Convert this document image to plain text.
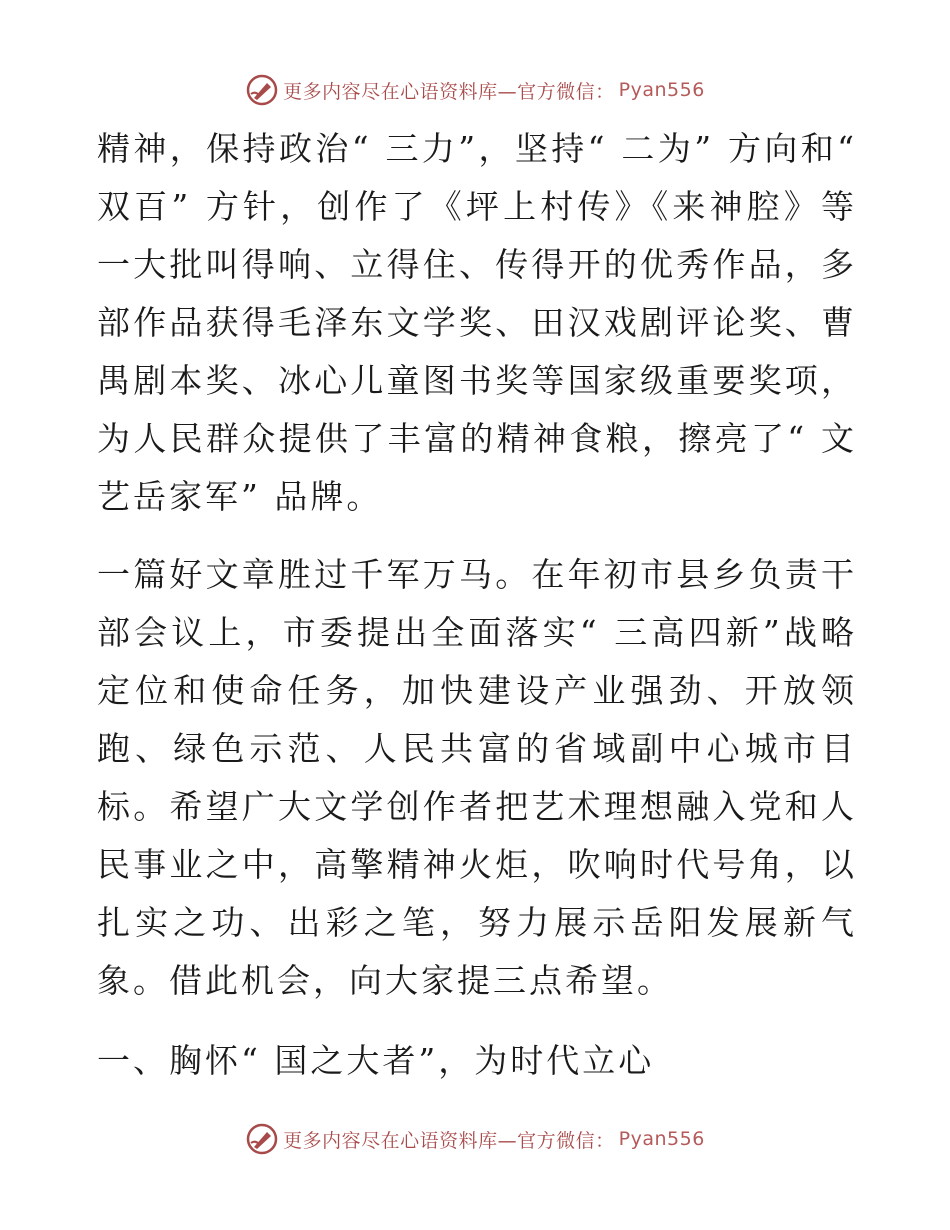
更多内容尽在心语资料库—官方微信： Pyan556

精神，保持政治“ 三力”，坚持“ 二为” 方向和“ 双百” 方针，创作了《坪上村传》《来神腔》等一大批叫得响、立得住、传得开的优秀作品，多部作品获得毛泽东文学奖、田汉戏剧评论奖、曹禺剧本奖、冰心儿童图书奖等国家级重要奖项，为人民群众提供了丰富的精神食粮，擦亮了“ 文艺岳家军” 品牌。

一篇好文章胜过千军万马。在年初市县乡负责干部会议上，市委提出全面落实“ 三高四新”战略定位和使命任务，加快建设产业强劲、开放领跑、绿色示范、人民共富的省域副中心城市目标。希望广大文学创作者把艺术理想融入党和人民事业之中，高擎精神火炬，吹响时代号角，以扎实之功、出彩之笔，努力展示岳阳发展新气象。借此机会，向大家提三点希望。

一、胸怀“ 国之大者”，为时代立心

更多内容尽在心语资料库—官方微信： Pyan556
